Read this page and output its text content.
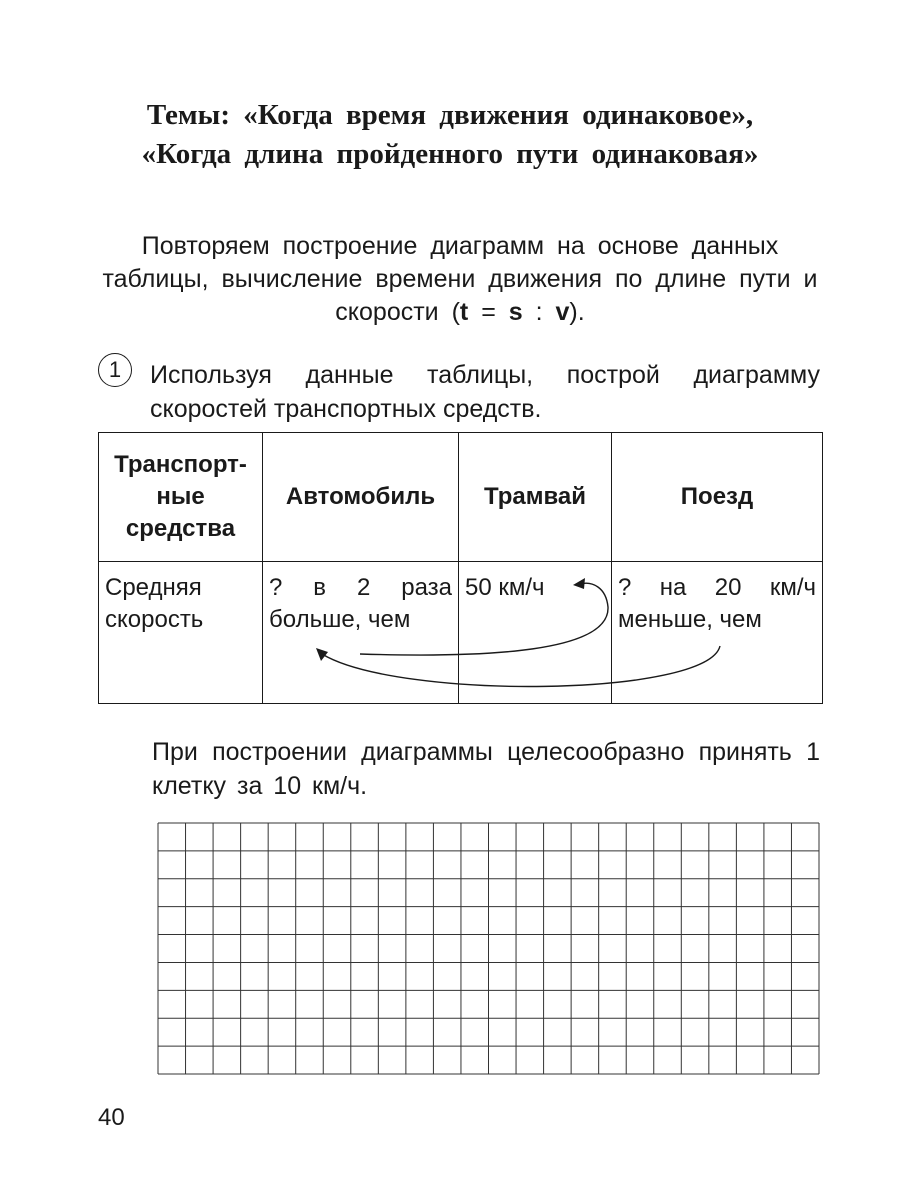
Темы: «Когда время движения одинаковое»,
«Когда длина пройденного пути одинаковая»
Повторяем построение диаграмм на основе данных таблицы, вычисление времени движения по длине пути и скорости (t = s : v).
1	Используя данные таблицы, построй диаграмму скоростей транспортных средств.
Транспорт-ные средства	Автомобиль	Трамвай	Поезд
Средняя скорость	? в 2 раза больше, чем	50 км/ч	? на 20 км/ч меньше, чем
При построении диаграммы целесообразно принять 1 клетку за 10 км/ч.
40
